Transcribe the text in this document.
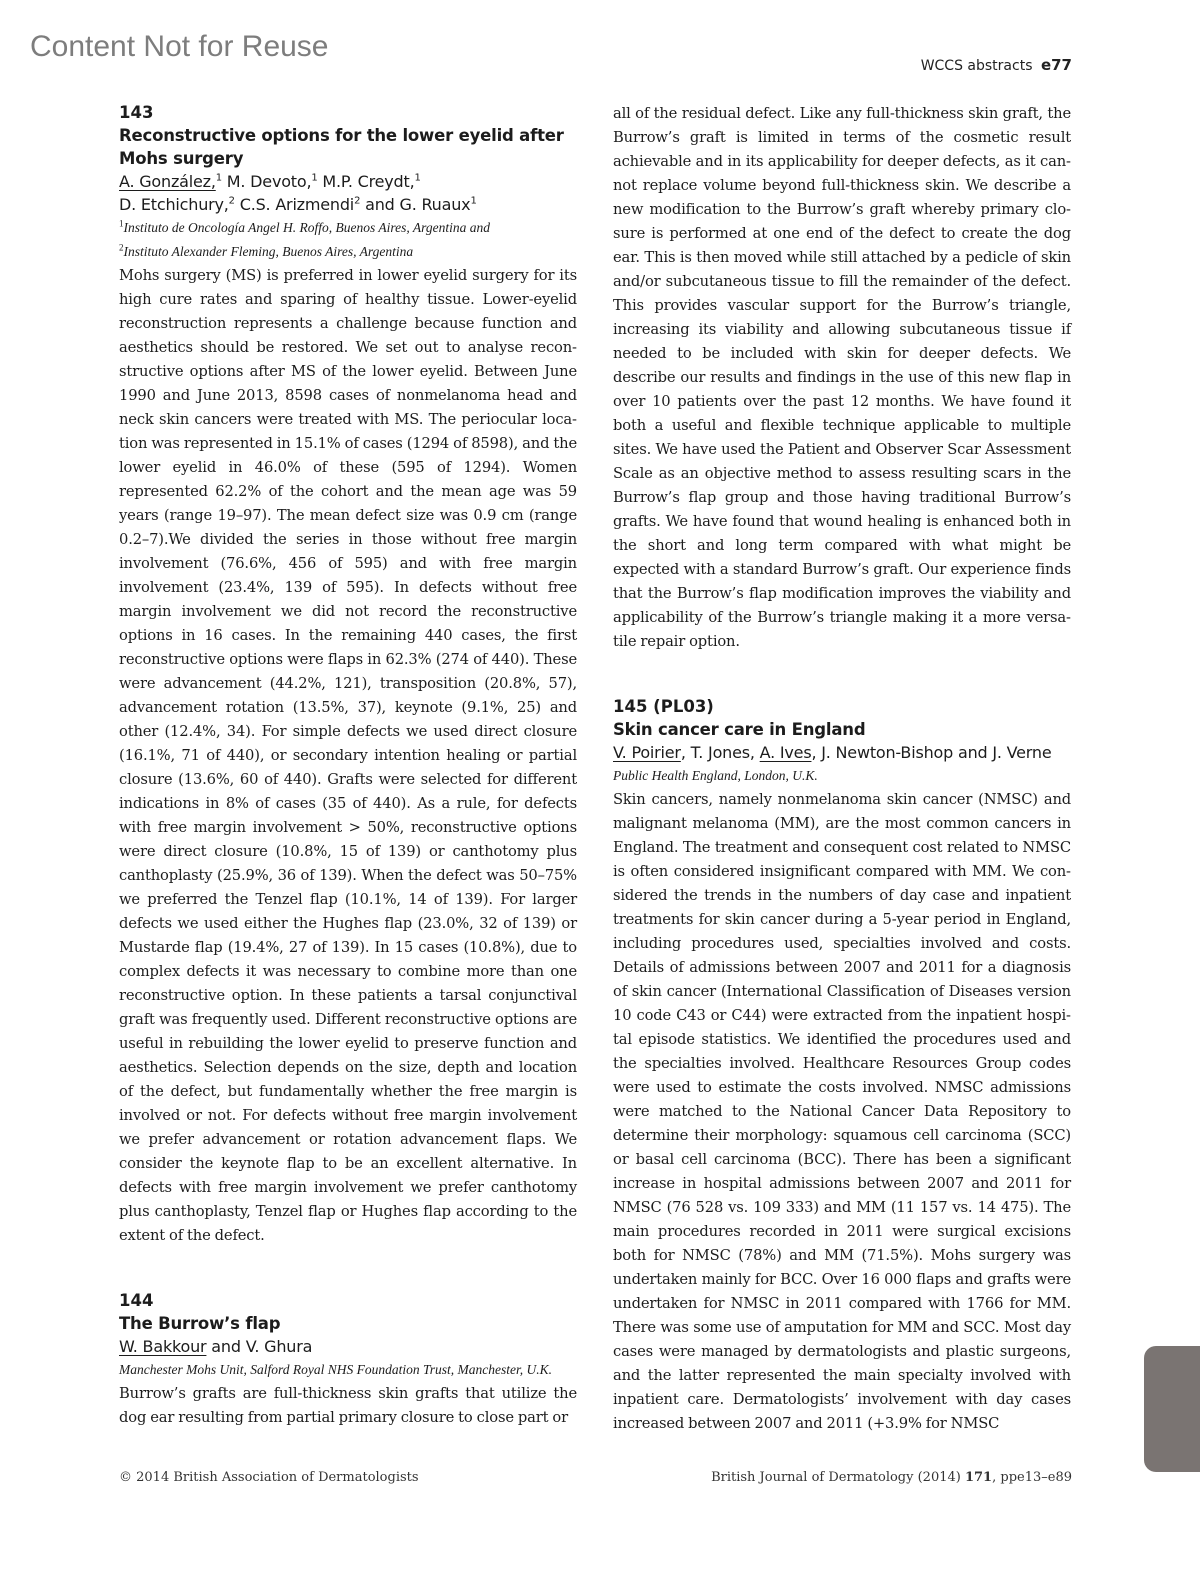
Content Not for Reuse

WCCS abstracts e77

143

Reconstructive options for the lower eyelid after Mohs surgery

A. González,$^1$ M. Devoto,$^1$ M.P. Creydt,$^1$
D. Etchichury,$^2$ C.S. Arizmendi$^2$ and G. Ruaux$^1$

$^1$Instituto de Oncología Angel H. Roffo, Buenos Aires, Argentina and
$^2$Instituto Alexander Fleming, Buenos Aires, Argentina

Mohs surgery (MS) is preferred in lower eyelid surgery for its high cure rates and sparing of healthy tissue. Lower-eyelid reconstruction represents a challenge because function and aesthetics should be restored. We set out to analyse reconstructive options after MS of the lower eyelid. Between June 1990 and June 2013, 8598 cases of nonmelanoma head and neck skin cancers were treated with MS. The periocular location was represented in 15.1% of cases (1294 of 8598), and the lower eyelid in 46.0% of these (595 of 1294). Women represented 62.2% of the cohort and the mean age was 59 years (range 19–97). The mean defect size was 0.9 cm (range 0.2–7).We divided the series in those without free margin involvement (76.6%, 456 of 595) and with free margin involvement (23.4%, 139 of 595). In defects without free margin involvement we did not record the reconstructive options in 16 cases. In the remaining 440 cases, the first reconstructive options were flaps in 62.3% (274 of 440). These were advancement (44.2%, 121), transposition (20.8%, 57), advancement rotation (13.5%, 37), keynote (9.1%, 25) and other (12.4%, 34). For simple defects we used direct closure (16.1%, 71 of 440), or secondary intention healing or partial closure (13.6%, 60 of 440). Grafts were selected for different indications in 8% of cases (35 of 440). As a rule, for defects with free margin involvement > 50%, reconstructive options were direct closure (10.8%, 15 of 139) or canthotomy plus canthoplasty (25.9%, 36 of 139). When the defect was 50–75% we preferred the Tenzel flap (10.1%, 14 of 139). For larger defects we used either the Hughes flap (23.0%, 32 of 139) or Mustarde flap (19.4%, 27 of 139). In 15 cases (10.8%), due to complex defects it was necessary to combine more than one reconstructive option. In these patients a tarsal conjunctival graft was frequently used. Different reconstructive options are useful in rebuilding the lower eyelid to preserve function and aesthetics. Selection depends on the size, depth and location of the defect, but fundamentally whether the free margin is involved or not. For defects without free margin involvement we prefer advancement or rotation advancement flaps. We consider the keynote flap to be an excellent alternative. In defects with free margin involvement we prefer canthotomy plus canthoplasty, Tenzel flap or Hughes flap according to the extent of the defect.

144

The Burrow’s flap

W. Bakkour and V. Ghura

Manchester Mohs Unit, Salford Royal NHS Foundation Trust, Manchester, U.K.

Burrow’s grafts are full-thickness skin grafts that utilize the dog ear resulting from partial primary closure to close part or

all of the residual defect. Like any full-thickness skin graft, the Burrow’s graft is limited in terms of the cosmetic result achievable and in its applicability for deeper defects, as it cannot replace volume beyond full-thickness skin. We describe a new modification to the Burrow’s graft whereby primary closure is performed at one end of the defect to create the dog ear. This is then moved while still attached by a pedicle of skin and/or subcutaneous tissue to fill the remainder of the defect. This provides vascular support for the Burrow’s triangle, increasing its viability and allowing subcutaneous tissue if needed to be included with skin for deeper defects. We describe our results and findings in the use of this new flap in over 10 patients over the past 12 months. We have found it both a useful and flexible technique applicable to multiple sites. We have used the Patient and Observer Scar Assessment Scale as an objective method to assess resulting scars in the Burrow’s flap group and those having traditional Burrow’s grafts. We have found that wound healing is enhanced both in the short and long term compared with what might be expected with a standard Burrow’s graft. Our experience finds that the Burrow’s flap modification improves the viability and applicability of the Burrow’s triangle making it a more versatile repair option.

145 (PL03)

Skin cancer care in England

V. Poirier, T. Jones, A. Ives, J. Newton-Bishop and J. Verne

Public Health England, London, U.K.

Skin cancers, namely nonmelanoma skin cancer (NMSC) and malignant melanoma (MM), are the most common cancers in England. The treatment and consequent cost related to NMSC is often considered insignificant compared with MM. We considered the trends in the numbers of day case and inpatient treatments for skin cancer during a 5-year period in England, including procedures used, specialties involved and costs. Details of admissions between 2007 and 2011 for a diagnosis of skin cancer (International Classification of Diseases version 10 code C43 or C44) were extracted from the inpatient hospital episode statistics. We identified the procedures used and the specialties involved. Healthcare Resources Group codes were used to estimate the costs involved. NMSC admissions were matched to the National Cancer Data Repository to determine their morphology: squamous cell carcinoma (SCC) or basal cell carcinoma (BCC). There has been a significant increase in hospital admissions between 2007 and 2011 for NMSC (76 528 vs. 109 333) and MM (11 157 vs. 14 475). The main procedures recorded in 2011 were surgical excisions both for NMSC (78%) and MM (71.5%). Mohs surgery was undertaken mainly for BCC. Over 16 000 flaps and grafts were undertaken for NMSC in 2011 compared with 1766 for MM. There was some use of amputation for MM and SCC. Most day cases were managed by dermatologists and plastic surgeons, and the latter represented the main specialty involved with inpatient care. Dermatologists’ involvement with day cases increased between 2007 and 2011 (+3.9% for NMSC

© 2014 British Association of Dermatologists	British Journal of Dermatology (2014) 171, ppe13–e89
